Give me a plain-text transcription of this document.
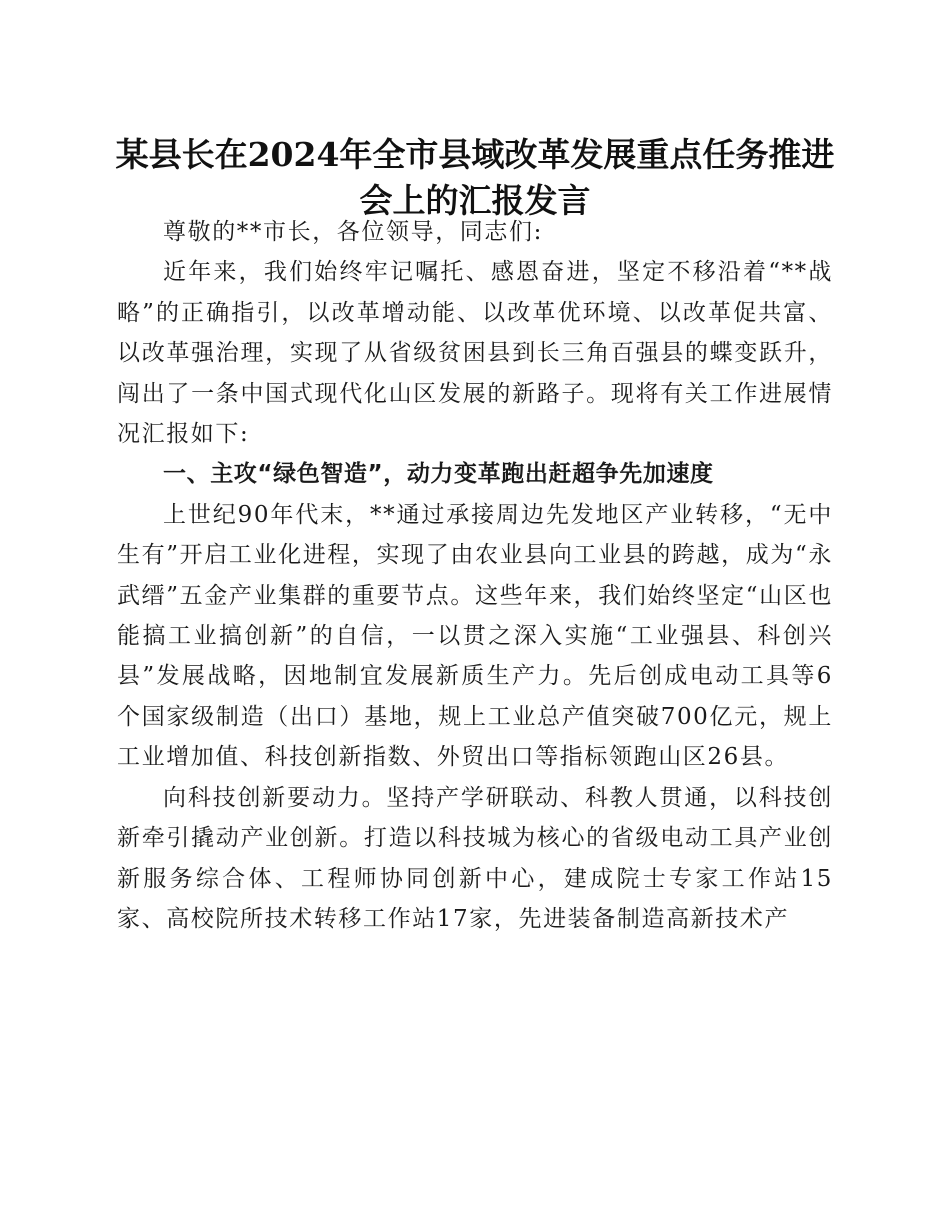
某县长在2024年全市县域改革发展重点任务推进会上的汇报发言

尊敬的**市长，各位领导，同志们:

近年来，我们始终牢记嘱托、感恩奋进，坚定不移沿着“**战略”的正确指引，以改革增动能、以改革优环境、以改革促共富、以改革强治理，实现了从省级贫困县到长三角百强县的蝶变跃升，闯出了一条中国式现代化山区发展的新路子。现将有关工作进展情况汇报如下:

一、主攻“绿色智造”，动力变革跑出赶超争先加速度

上世纪90年代末，**通过承接周边先发地区产业转移，“无中生有”开启工业化进程，实现了由农业县向工业县的跨越，成为“永武缙”五金产业集群的重要节点。这些年来，我们始终坚定“山区也能搞工业搞创新”的自信，一以贯之深入实施“工业强县、科创兴县”发展战略，因地制宜发展新质生产力。先后创成电动工具等6个国家级制造（出口）基地，规上工业总产值突破700亿元，规上工业增加值、科技创新指数、外贸出口等指标领跑山区26县。

向科技创新要动力。坚持产学研联动、科教人贯通，以科技创新牵引撬动产业创新。打造以科技城为核心的省级电动工具产业创新服务综合体、工程师协同创新中心，建成院士专家工作站15家、高校院所技术转移工作站17家，先进装备制造高新技术产
